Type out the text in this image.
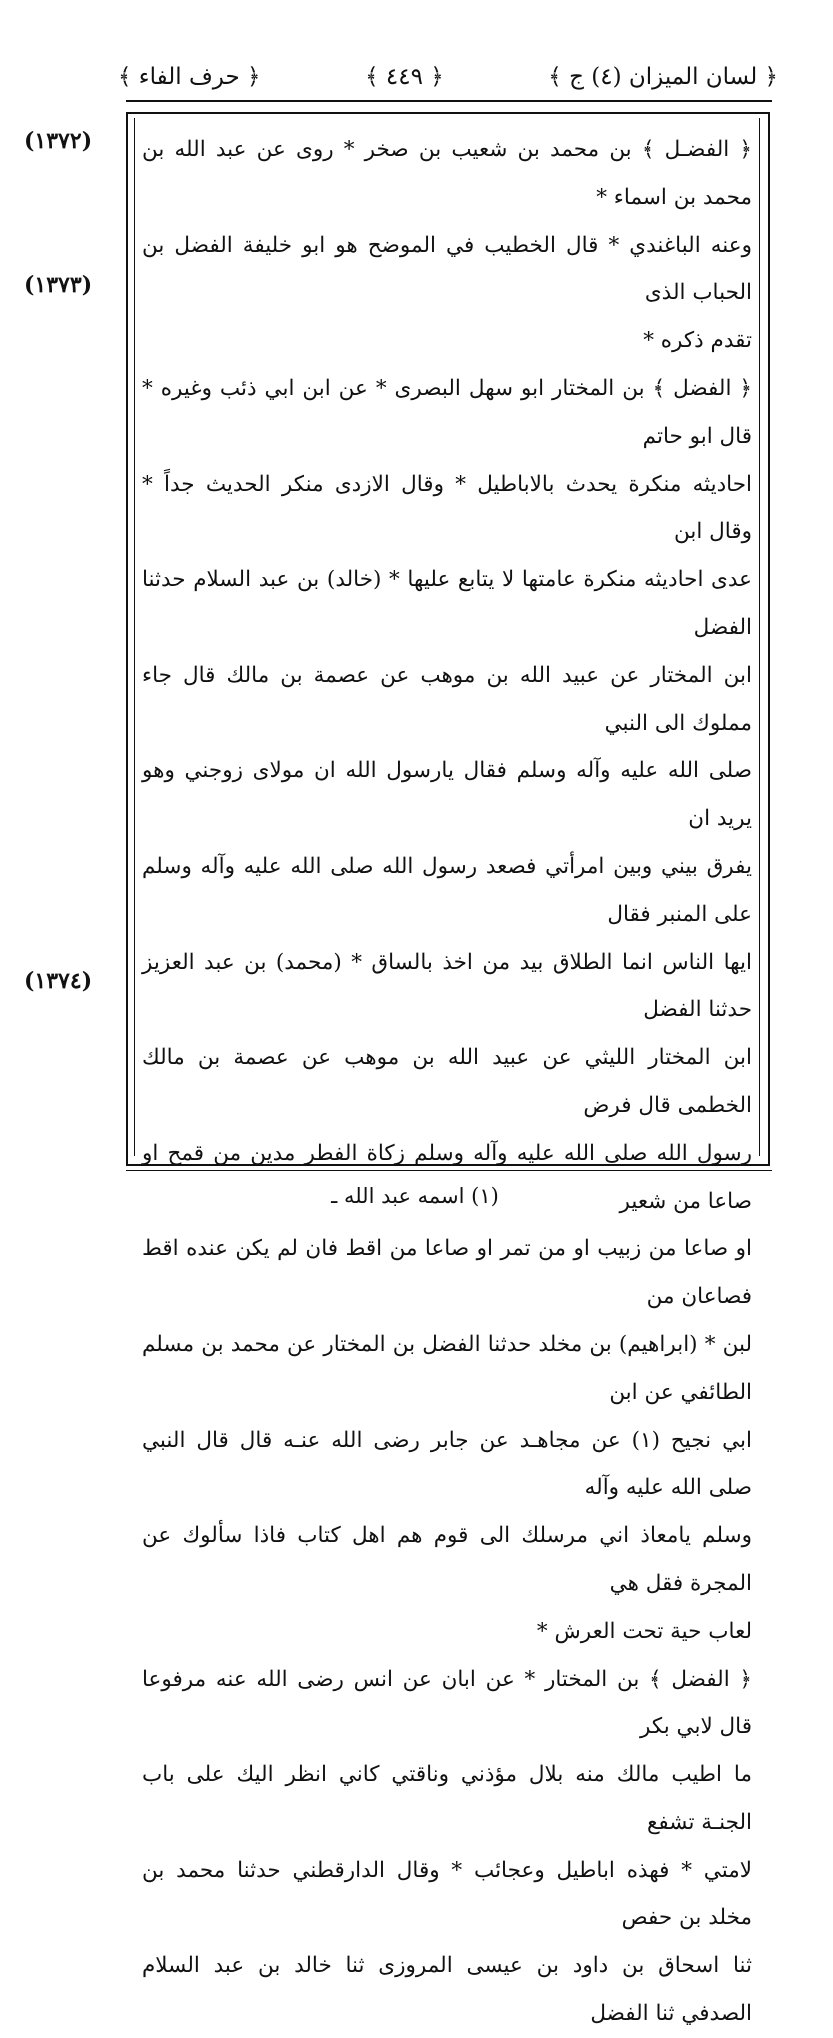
﴿ حرف الفاء ﴾	﴿ ٤٤٩ ﴾	﴿ لسان الميزان (٤) ج ﴾
(١٣٧٢)
(١٣٧٣)
(١٣٧٤)

﴿ الفضـل ﴾ بن محمد بن شعيب بن صخر * روى عن عبد الله بن محمد بن اسماء *

وعنه الباغندي * قال الخطيب في الموضح هو ابو خليفة الفضل بن الحباب الذى

تقدم ذكره *

﴿ الفضل ﴾ بن المختار ابو سهل البصرى * عن ابن ابي ذئب وغيره * قال ابو حاتم

احاديثه منكرة يحدث بالاباطيل * وقال الازدى منكر الحديث جداً * وقال ابن

عدى احاديثه منكرة عامتها لا يتابع عليها * (خالد) بن عبد السلام حدثنا الفضل

ابن المختار عن عبيد الله بن موهب عن عصمة بن مالك قال جاء مملوك الى النبي

صلى الله عليه وآله وسلم فقال يارسول الله ان مولاى زوجني وهو يريد ان

يفرق بيني وبين امرأتي فصعد رسول الله صلى الله عليه وآله وسلم على المنبر فقال

ايها الناس انما الطلاق بيد من اخذ بالساق * (محمد) بن عبد العزيز حدثنا الفضل

ابن المختار الليثي عن عبيد الله بن موهب عن عصمة بن مالك الخطمى قال فرض

رسول الله صلى الله عليه وآله وسلم زكاة الفطر مدين من قمح او صاعا من شعير

او صاعا من زبيب او من تمر او صاعا من اقط فان لم يكن عنده اقط فصاعان من

لبن * (ابراهيم) بن مخلد حدثنا الفضل بن المختار عن محمد بن مسلم الطائفي عن ابن

ابي نجيح (١) عن مجاهـد عن جابر رضى الله عنـه قال قال النبي صلى الله عليه وآله

وسلم يامعاذ اني مرسلك الى قوم هم اهل كتاب فاذا سألوك عن المجرة فقل هي

لعاب حية تحت العرش *

﴿ الفضل ﴾ بن المختار * عن ابان عن انس رضى الله عنه مرفوعا قال لابي بكر

ما اطيب مالك منه بلال مؤذني وناقتي كاني انظر اليك على باب الجنـة تشفع

لامتي * فهذه اباطيل وعجائب * وقال الدارقطني حدثنا محمد بن مخلد بن حفص

ثنا اسحاق بن داود بن عيسى المروزى ثنا خالد بن عبد السلام الصدفي ثنا الفضل

(١) اسمه عبد الله ـ
